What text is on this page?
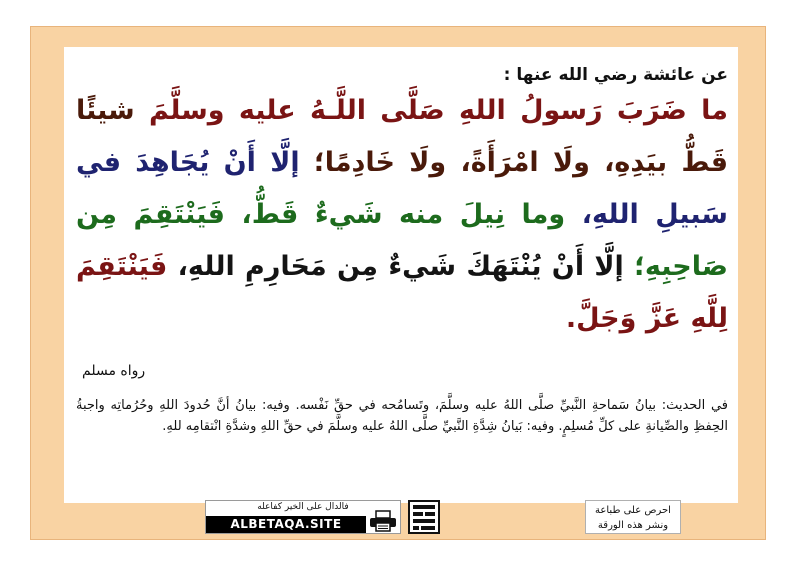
عن عائشة رضي الله عنها :
ما ضَرَبَ رَسولُ اللهِ صَلَّى اللَّـهُ عليه وسلَّمَ شيئًا قَطُّ بيَدِهِ، ولَا امْرَأَةً، ولَا خَادِمًا؛ إلَّا أَنْ يُجَاهِدَ في سَبيلِ اللهِ، وما نِيلَ منه شَيءٌ قَطُّ، فَيَنْتَقِمَ مِن صَاحِبِهِ؛ إلَّا أَنْ يُنْتَهَكَ شَيءٌ مِن مَحَارِمِ اللهِ، فَيَنْتَقِمَ لِلَّهِ عَزَّ وَجَلَّ.
رواه مسلم
في الحديث: بيانُ سَماحةِ النَّبيِّ صلَّى اللهُ عليه وسلَّمَ، وتَسامُحه في حقِّ نَفْسه. وفيه: بيانُ أنَّ حُدودَ اللهِ وحُرُماتِه واجبةُ الحِفظِ والصِّيانةِ على كلِّ مُسلِمٍ. وفيه: بَيانُ شِدَّةِ النَّبيِّ صلَّى اللهُ عليه وسلَّمَ في حقِّ اللهِ وشدَّةِ انْتقامِه للهِ.
احرص على طباعة
ونشر هذه الورقة
فالدال على الخير كفاعله
ALBETAQA.SITE
